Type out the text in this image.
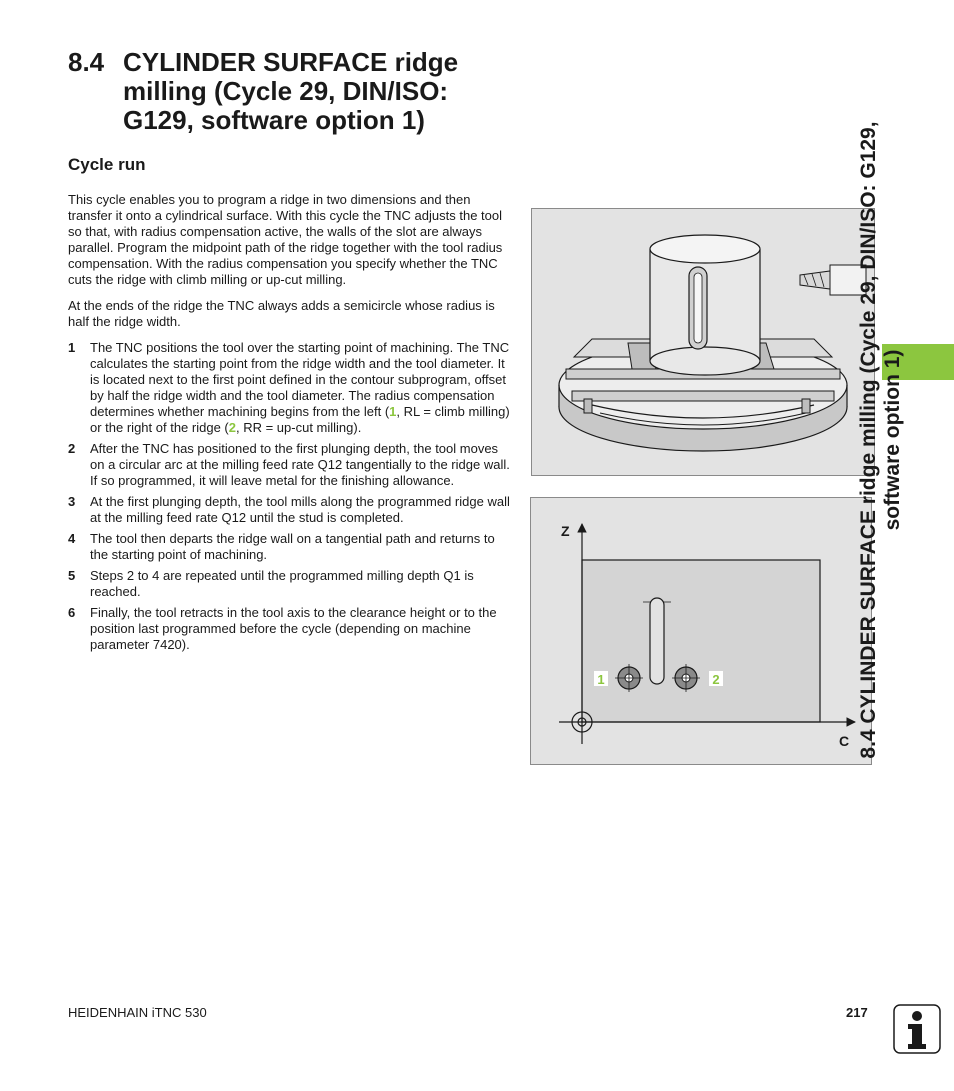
8.4 CYLINDER SURFACE ridge milling (Cycle 29, DIN/ISO: G129, software option 1)
Cycle run

This cycle enables you to program a ridge in two dimensions and then transfer it onto a cylindrical surface. With this cycle the TNC adjusts the tool so that, with radius compensation active, the walls of the slot are always parallel. Program the midpoint path of the ridge together with the tool radius compensation. With the radius compensation you specify whether the TNC cuts the ridge with climb milling or up-cut milling.

At the ends of the ridge the TNC always adds a semicircle whose radius is half the ridge width.

1 The TNC positions the tool over the starting point of machining. The TNC calculates the starting point from the ridge width and the tool diameter. It is located next to the first point defined in the contour subprogram, offset by half the ridge width and the tool diameter. The radius compensation determines whether machining begins from the left (1, RL = climb milling) or the right of the ridge (2, RR = up-cut milling).
2 After the TNC has positioned to the first plunging depth, the tool moves on a circular arc at the milling feed rate Q12 tangentially to the ridge wall. If so programmed, it will leave metal for the finishing allowance.
3 At the first plunging depth, the tool mills along the programmed ridge wall at the milling feed rate Q12 until the stud is completed.
4 The tool then departs the ridge wall on a tangential path and returns to the starting point of machining.
5 Steps 2 to 4 are repeated until the programmed milling depth Q1 is reached.
6 Finally, the tool retracts in the tool axis to the clearance height or to the position last programmed before the cycle (depending on machine parameter 7420).
1	2
Z
C 8.4 CYLINDER SURFACE ridge milling (Cycle 29, DIN/ISO: G129, software option 1)
HEIDENHAIN iTNC 530	217
